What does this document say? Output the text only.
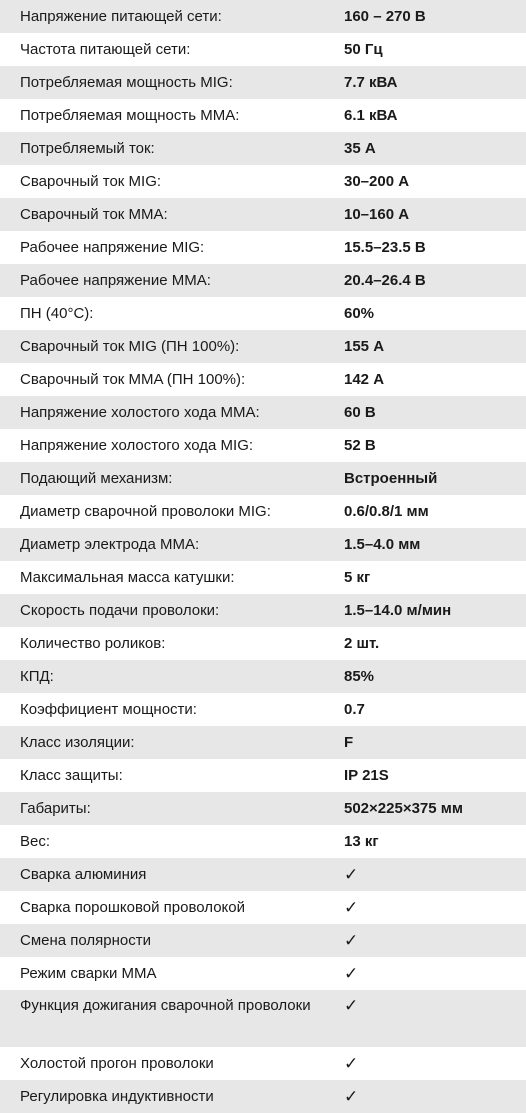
Напряжение питающей сети:	160 – 270 В
Частота питающей сети:	50 Гц
Потребляемая мощность MIG:	7.7 кВА
Потребляемая мощность MMA:	6.1 кВА
Потребляемый ток:	35 А
Сварочный ток MIG:	30–200 А
Сварочный ток MMA:	10–160 А
Рабочее напряжение MIG:	15.5–23.5 В
Рабочее напряжение MMA:	20.4–26.4 В
ПН (40°С):	60%
Сварочный ток MIG (ПН 100%):	155 А
Сварочный ток MMA (ПН 100%):	142 А
Напряжение холостого хода MMA:	60 В
Напряжение холостого хода MIG:	52 В
Подающий механизм:	Встроенный
Диаметр сварочной проволоки MIG:	0.6/0.8/1 мм
Диаметр электрода MMA:	1.5–4.0 мм
Максимальная масса катушки:	5 кг
Скорость подачи проволоки:	1.5–14.0 м/мин
Количество роликов:	2 шт.
КПД:	85%
Коэффициент мощности:	0.7
Класс изоляции:	F
Класс защиты:	IP 21S
Габариты:	502×225×375 мм
Вес:	13 кг
Сварка алюминия	✓
Сварка порошковой проволокой	✓
Смена полярности	✓
Режим сварки MMA	✓
Функция дожигания сварочной проволоки	✓
Холостой прогон проволоки	✓
Регулировка индуктивности	✓
